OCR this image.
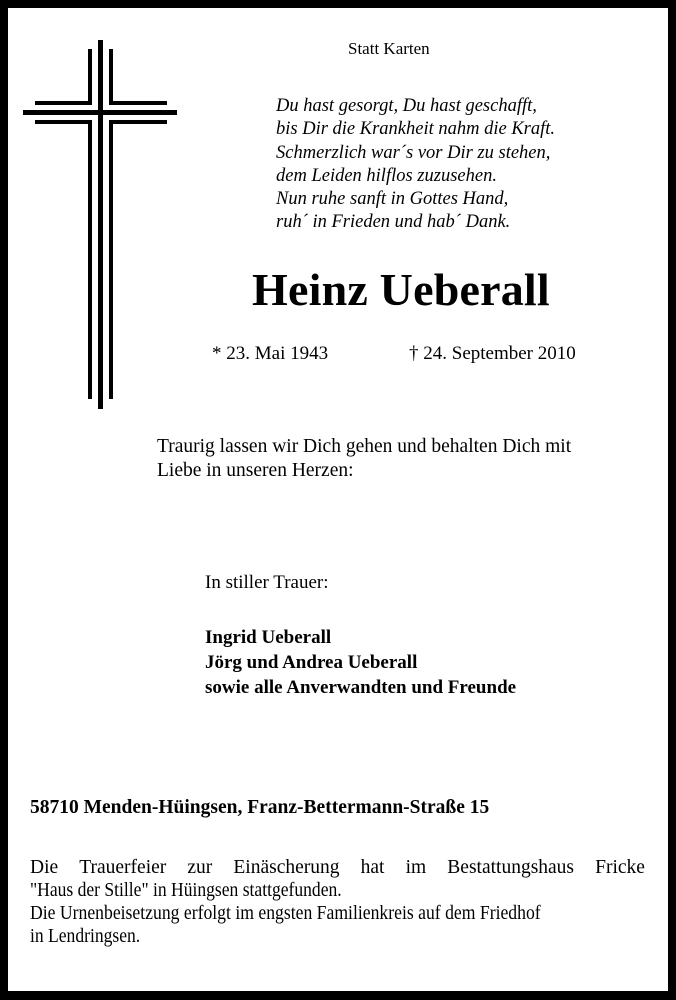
Statt Karten
Du hast gesorgt, Du hast geschafft,
bis Dir die Krankheit nahm die Kraft.
Schmerzlich war´s vor Dir zu stehen,
dem Leiden hilflos zuzusehen.
Nun ruhe sanft in Gottes Hand,
ruh´ in Frieden und hab´ Dank.
Heinz Ueberall
* 23. Mai 1943	† 24. September 2010
Traurig lassen wir Dich gehen und behalten Dich mit
Liebe in unseren Herzen:
In stiller Trauer:
Ingrid Ueberall
Jörg und Andrea Ueberall
sowie alle Anverwandten und Freunde
58710 Menden-Hüingsen, Franz-Bettermann-Straße 15
Die Trauerfeier zur Einäscherung hat im Bestattungshaus Fricke
"Haus der Stille" in Hüingsen stattgefunden.
Die Urnenbeisetzung erfolgt im engsten Familienkreis auf dem Friedhof
in Lendringsen.
